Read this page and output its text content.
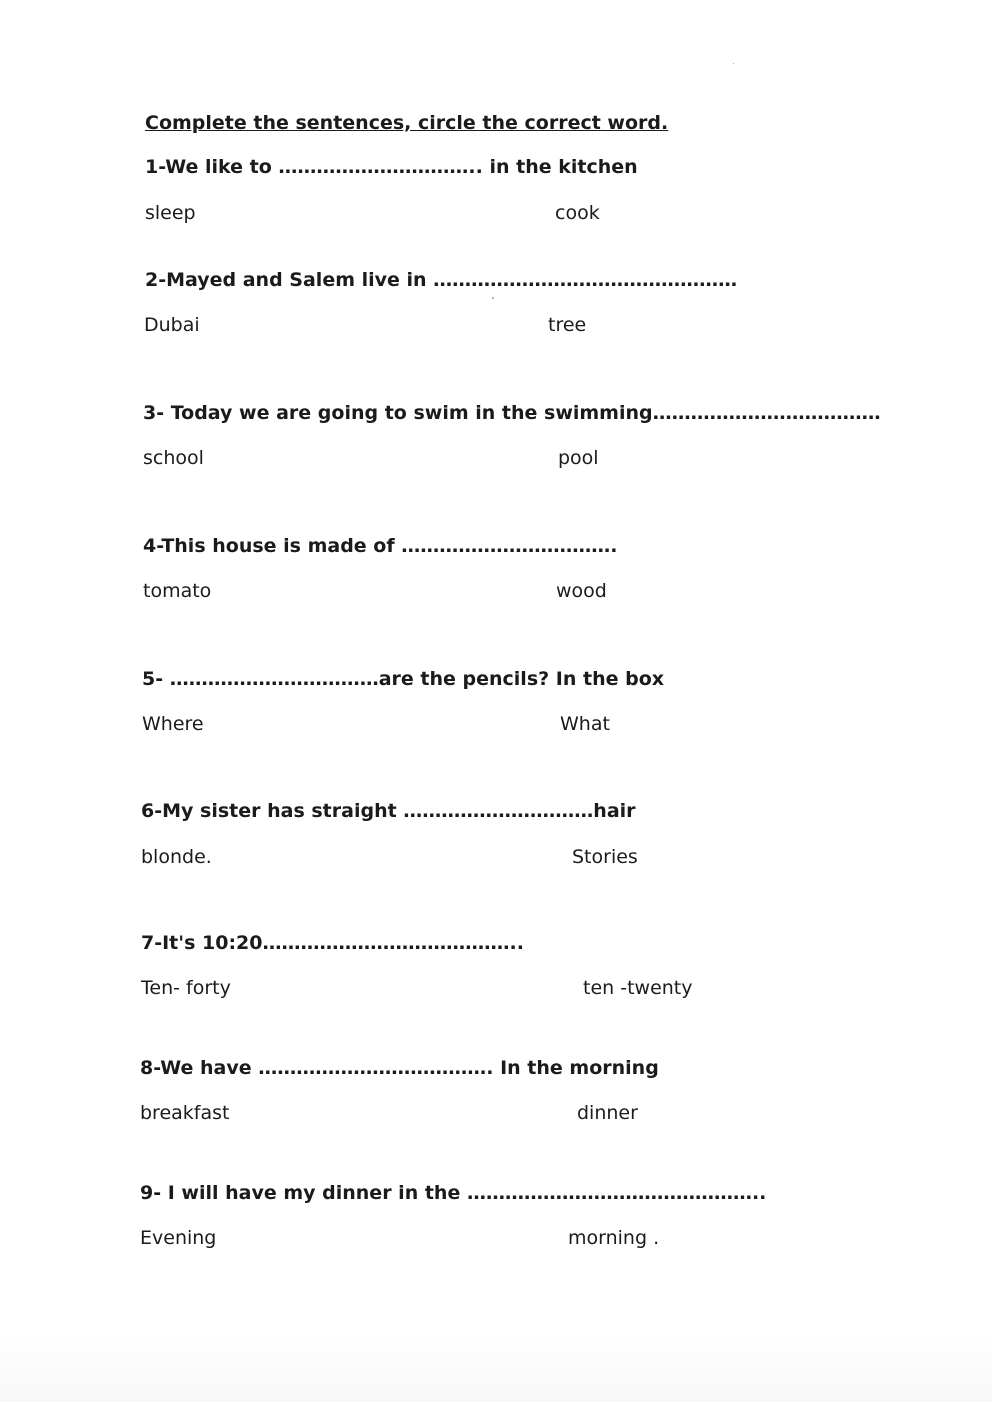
Complete the sentences, circle the correct word.
1-We like to ………………………….. in the kitchen
sleep	cook
2-Mayed and Salem live in …………………………………………
Dubai	tree
3- Today we are going to swim in the swimming………………………………
school	pool
4-This house is made of …………………………….
tomato	wood
5- ……………………………are the pencils? In the box
Where	What
6-My sister has straight …………………………hair
blonde.	Stories
7-It's 10:20…………………………………..
Ten- forty	ten -twenty
8-We have ………………………………. In the morning
breakfast	dinner
9- I will have my dinner in the ………………………………………..
Evening	morning .
